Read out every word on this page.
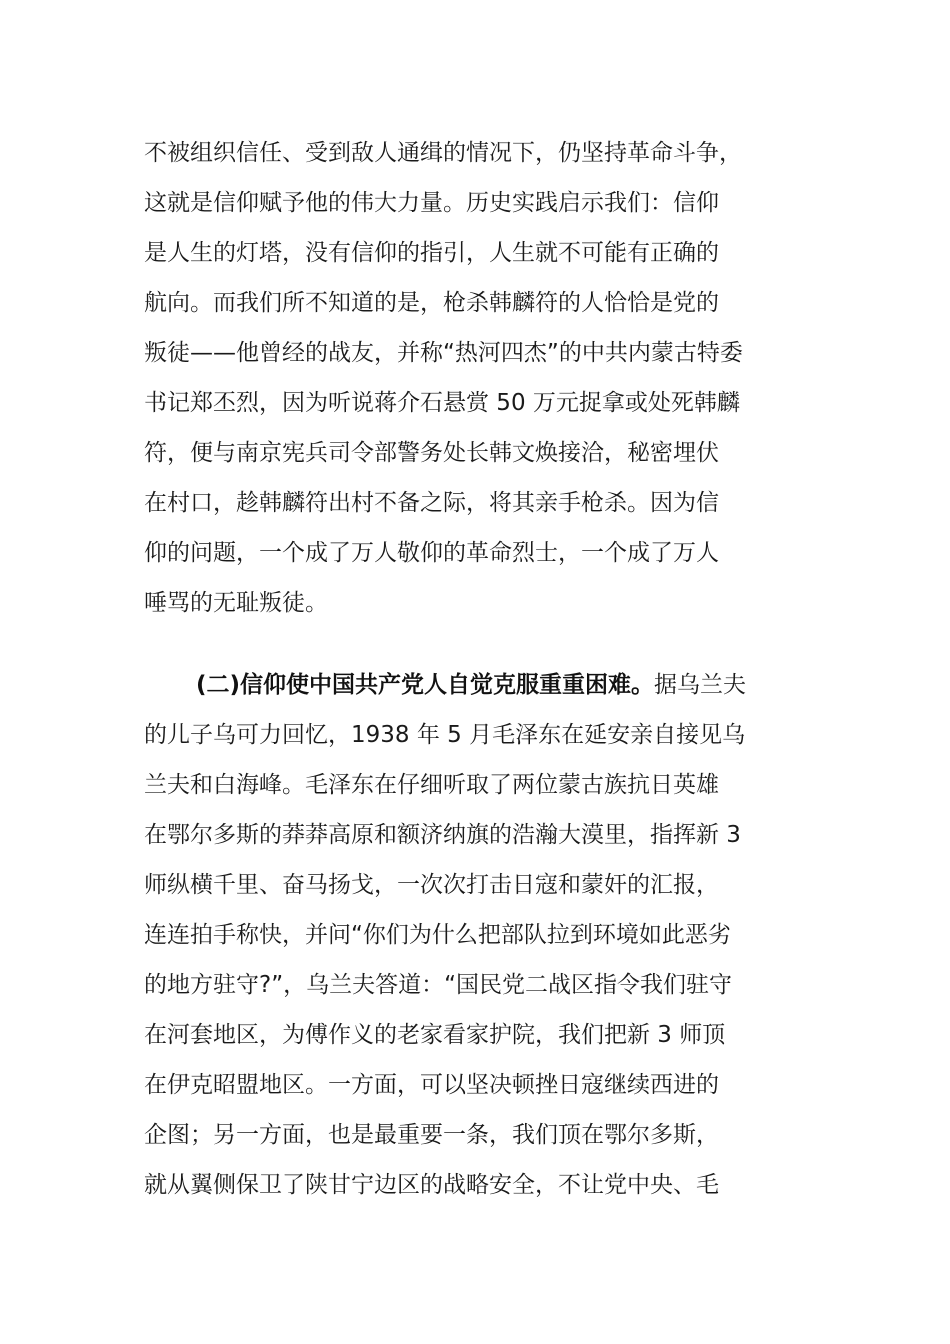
不被组织信任、受到敌人通缉的情况下，仍坚持革命斗争，
这就是信仰赋予他的伟大力量。历史实践启示我们：信仰
是人生的灯塔，没有信仰的指引，人生就不可能有正确的
航向。而我们所不知道的是，枪杀韩麟符的人恰恰是党的
叛徒——他曾经的战友，并称“热河四杰”的中共内蒙古特委
书记郑丕烈，因为听说蒋介石悬赏 50 万元捉拿或处死韩麟
符，便与南京宪兵司令部警务处长韩文焕接洽，秘密埋伏
在村口，趁韩麟符出村不备之际，将其亲手枪杀。因为信
仰的问题，一个成了万人敬仰的革命烈士，一个成了万人
唾骂的无耻叛徒。
(二)信仰使中国共产党人自觉克服重重困难。据乌兰夫
的儿子乌可力回忆，1938 年 5 月毛泽东在延安亲自接见乌
兰夫和白海峰。毛泽东在仔细听取了两位蒙古族抗日英雄
在鄂尔多斯的莽莽高原和额济纳旗的浩瀚大漠里，指挥新 3
师纵横千里、奋马扬戈，一次次打击日寇和蒙奸的汇报，
连连拍手称快，并问“你们为什么把部队拉到环境如此恶劣
的地方驻守?”，乌兰夫答道：“国民党二战区指令我们驻守
在河套地区，为傅作义的老家看家护院，我们把新 3 师顶
在伊克昭盟地区。一方面，可以坚决顿挫日寇继续西进的
企图；另一方面，也是最重要一条，我们顶在鄂尔多斯，
就从翼侧保卫了陕甘宁边区的战略安全，不让党中央、毛
